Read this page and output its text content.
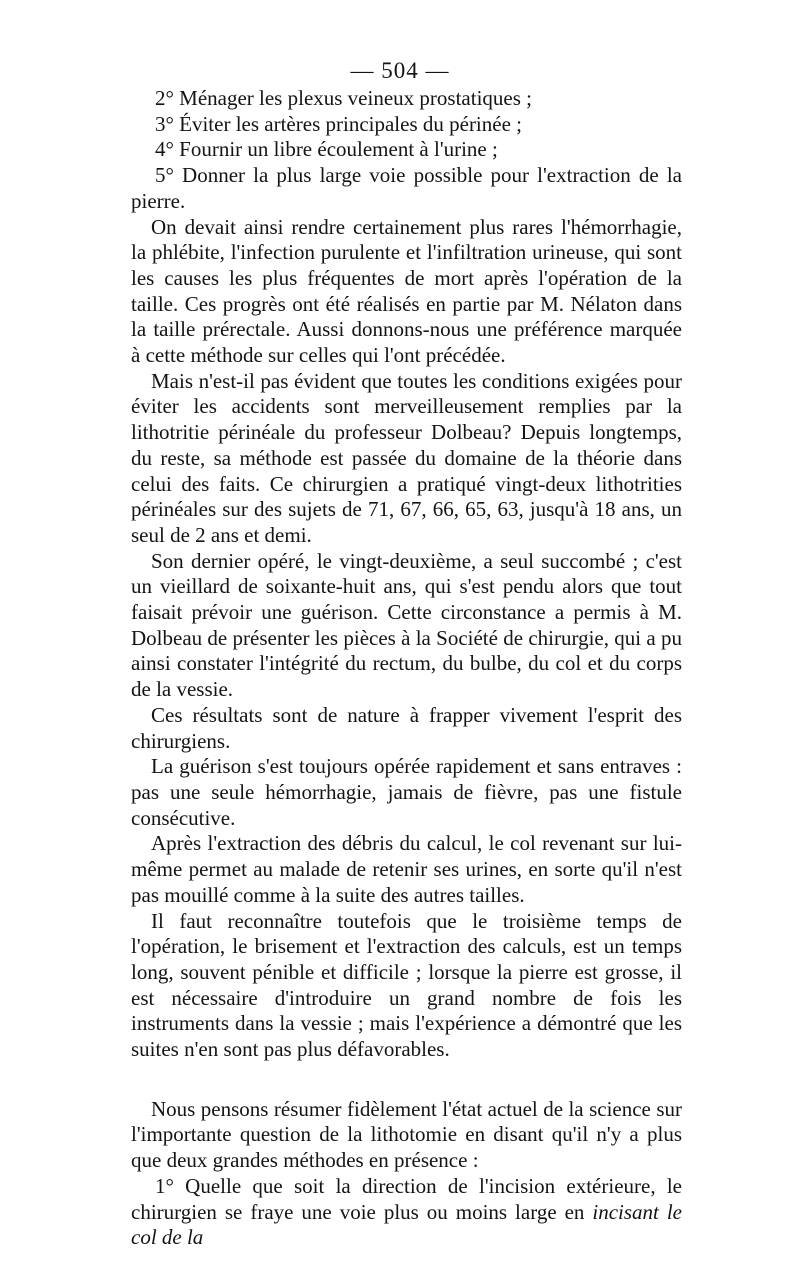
— 504 —

2° Ménager les plexus veineux prostatiques ;

3° Éviter les artères principales du périnée ;

4° Fournir un libre écoulement à l'urine ;

5° Donner la plus large voie possible pour l'extraction de la pierre.

On devait ainsi rendre certainement plus rares l'hémorrhagie, la phlébite, l'infection purulente et l'infiltration urineuse, qui sont les causes les plus fréquentes de mort après l'opération de la taille. Ces progrès ont été réalisés en partie par M. Nélaton dans la taille prérectale. Aussi donnons-nous une préférence marquée à cette méthode sur celles qui l'ont précédée.

Mais n'est-il pas évident que toutes les conditions exigées pour éviter les accidents sont merveilleusement remplies par la lithotritie périnéale du professeur Dolbeau? Depuis longtemps, du reste, sa méthode est passée du domaine de la théorie dans celui des faits. Ce chirurgien a pratiqué vingt-deux lithotrities périnéales sur des sujets de 71, 67, 66, 65, 63, jusqu'à 18 ans, un seul de 2 ans et demi.

Son dernier opéré, le vingt-deuxième, a seul succombé ; c'est un vieillard de soixante-huit ans, qui s'est pendu alors que tout faisait prévoir une guérison. Cette circonstance a permis à M. Dolbeau de présenter les pièces à la Société de chirurgie, qui a pu ainsi constater l'intégrité du rectum, du bulbe, du col et du corps de la vessie.

Ces résultats sont de nature à frapper vivement l'esprit des chirurgiens.

La guérison s'est toujours opérée rapidement et sans entraves : pas une seule hémorrhagie, jamais de fièvre, pas une fistule consécutive.

Après l'extraction des débris du calcul, le col revenant sur lui-même permet au malade de retenir ses urines, en sorte qu'il n'est pas mouillé comme à la suite des autres tailles.

Il faut reconnaître toutefois que le troisième temps de l'opération, le brisement et l'extraction des calculs, est un temps long, souvent pénible et difficile ; lorsque la pierre est grosse, il est nécessaire d'introduire un grand nombre de fois les instruments dans la vessie ; mais l'expérience a démontré que les suites n'en sont pas plus défavorables.

Nous pensons résumer fidèlement l'état actuel de la science sur l'importante question de la lithotomie en disant qu'il n'y a plus que deux grandes méthodes en présence :

1° Quelle que soit la direction de l'incision extérieure, le chirurgien se fraye une voie plus ou moins large en incisant le col de la
